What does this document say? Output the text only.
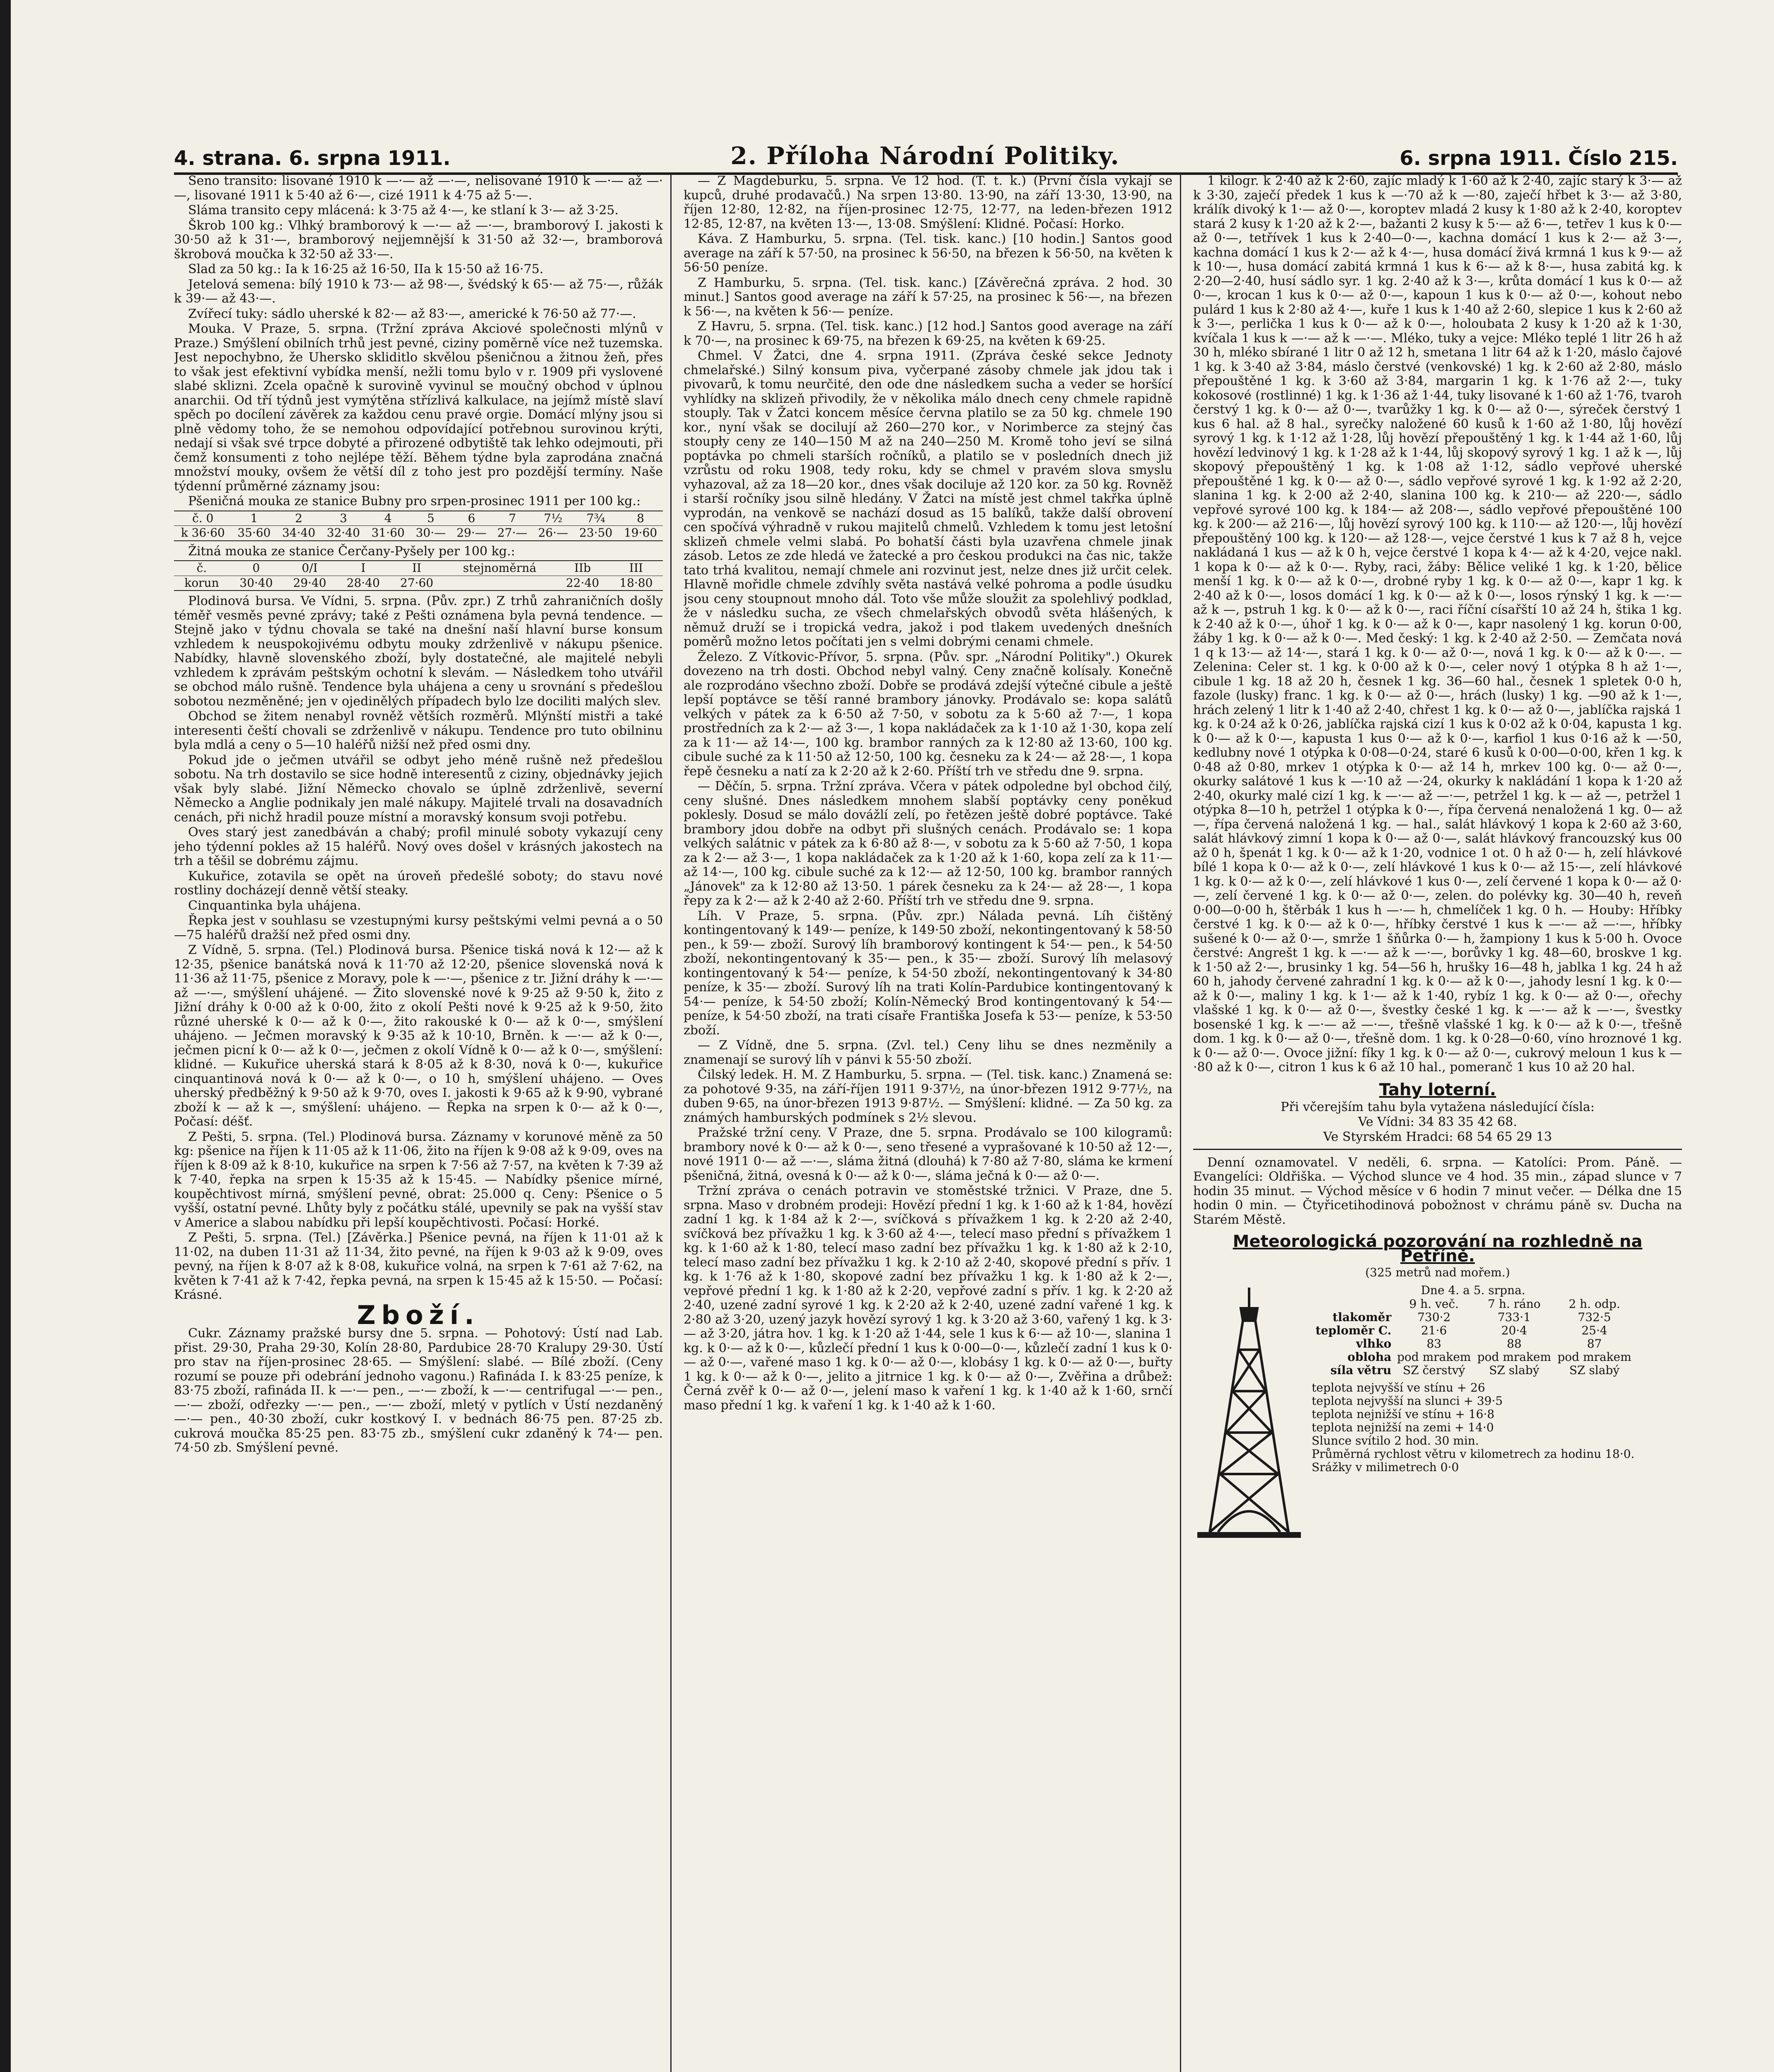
4. strana. 6. srpna 1911.	2. Příloha Národní Politiky.	6. srpna 1911. Číslo 215.

Seno transito: lisované 1910 k —·— až —·—, nelisované 1910 k —·— až —·—, lisované 1911 k 5·40 až 6·—, cizé 1911 k 4·75 až 5·—.

Sláma transito cepy mlácená: k 3·75 až 4·—, ke stlaní k 3·— až 3·25.

Škrob 100 kg.: Vlhký bramborový k —·— až —·—, bramborový I. jakosti k 30·50 až k 31·—, bramborový nejjemnější k 31·50 až 32·—, bramborová škrobová moučka k 32·50 až 33·—.

Slad za 50 kg.: Ia k 16·25 až 16·50, IIa k 15·50 až 16·75.

Jetelová semena: bílý 1910 k 73·— až 98·—, švédský k 65·— až 75·—, růžák k 39·— až 43·—.

Zvířecí tuky: sádlo uherské k 82·— až 83·—, americké k 76·50 až 77·—.

Mouka. V Praze, 5. srpna. (Tržní zpráva Akciové společnosti mlýnů v Praze.) Smýšlení obilních trhů jest pevné, ciziny poměrně více než tuzemska. Jest nepochybno, že Uhersko skliditlo skvělou pšeničnou a žitnou žeň, přes to však jest efektivní vybídka menší, nežli tomu bylo v r. 1909 při vyslovené slabé sklizni. Zcela opačně k surovině vyvinul se moučný obchod v úplnou anarchii. Od tří týdnů jest vymýtěna střízlivá kalkulace, na jejímž místě slaví spěch po docílení závěrek za každou cenu pravé orgie. Domácí mlýny jsou si plně vědomy toho, že se nemohou odpovídající potřebnou surovinou krýti, nedají si však své trpce dobyté a přirozené odbytiště tak lehko odejmouti, při čemž konsumenti z toho nejlépe těží. Během týdne byla zaprodána značná množství mouky, ovšem že větší díl z toho jest pro pozdější termíny. Naše týdenní průměrné záznamy jsou:

Pšeničná mouka ze stanice Bubny pro srpen-prosinec 1911 per 100 kg.:

č. 0	1	2	3	4	5	6	7	7½	7¾	8
k 36·60	35·60	34·40	32·40	31·60	30·—	29·—	27·—	26·—	23·50	19·60

Žitná mouka ze stanice Čerčany-Pyšely per 100 kg.:

č.	0	0/I	I	II	stejnoměrná	IIb	III
korun	30·40	29·40	28·40	27·60		22·40	18·80

Plodinová bursa. Ve Vídni, 5. srpna. (Pův. zpr.) Z trhů zahraničních došly téměř vesměs pevné zprávy; také z Pešti oznámena byla pevná tendence. — Stejně jako v týdnu chovala se také na dnešní naší hlavní burse konsum vzhledem k neuspokojivému odbytu mouky zdrženlivě v nákupu pšenice. Nabídky, hlavně slovenského zboží, byly dostatečné, ale majitelé nebyli vzhledem k zprávám peštským ochotní k slevám. — Následkem toho utvářil se obchod málo rušně. Tendence byla uhájena a ceny u srovnání s předešlou sobotou nezměněné; jen v ojedinělých případech bylo lze dociliti malých slev.

Obchod se žitem nenabyl rovněž větších rozměrů. Mlýnští mistři a také interesenti čeští chovali se zdrženlivě v nákupu. Tendence pro tuto obilninu byla mdlá a ceny o 5—10 haléřů nižší než před osmi dny.

Pokud jde o ječmen utvářil se odbyt jeho méně rušně než předešlou sobotu. Na trh dostavilo se sice hodně interesentů z ciziny, objednávky jejich však byly slabé. Jižní Německo chovalo se úplně zdrženlivě, severní Německo a Anglie podnikaly jen malé nákupy. Majitelé trvali na dosavadních cenách, při nichž hradil pouze místní a moravský konsum svoji potřebu.

Oves starý jest zanedbáván a chabý; profil minulé soboty vykazují ceny jeho týdenní pokles až 15 haléřů. Nový oves došel v krásných jakostech na trh a těšil se dobrému zájmu.

Kukuřice, zotavila se opět na úroveň předešlé soboty; do stavu nové rostliny docházejí denně větší steaky.

Cinquantinka byla uhájena.

Řepka jest v souhlasu se vzestupnými kursy peštskými velmi pevná a o 50—75 haléřů dražší než před osmi dny.

Z Vídně, 5. srpna. (Tel.) Plodinová bursa. Pšenice tiská nová k 12·— až k 12·35, pšenice banátská nová k 11·70 až 12·20, pšenice slovenská nová k 11·36 až 11·75, pšenice z Moravy, pole k —·—, pšenice z tr. Jižní dráhy k —·— až —·—, smýšlení uhájené. — Žito slovenské nové k 9·25 až 9·50 k, žito z Jižní dráhy k 0·00 až k 0·00, žito z okolí Pešti nové k 9·25 až k 9·50, žito různé uherské k 0·— až k 0·—, žito rakouské k 0·— až k 0·—, smýšlení uhájeno. — Ječmen moravský k 9·35 až k 10·10, Brněn. k —·— až k 0·—, ječmen picní k 0·— až k 0·—, ječmen z okolí Vídně k 0·— až k 0·—, smýšlení: klidné. — Kukuřice uherská stará k 8·05 až k 8·30, nová k 0·—, kukuřice cinquantinová nová k 0·— až k 0·—, o 10 h, smýšlení uhájeno. — Oves uherský předběžný k 9·50 až k 9·70, oves I. jakosti k 9·65 až k 9·90, vybrané zboží k — až k —, smýšlení: uhájeno. — Řepka na srpen k 0·— až k 0·—, Počasí: déšť.

Z Pešti, 5. srpna. (Tel.) Plodinová bursa. Záznamy v korunové měně za 50 kg: pšenice na říjen k 11·05 až k 11·06, žito na říjen k 9·08 až k 9·09, oves na říjen k 8·09 až k 8·10, kukuřice na srpen k 7·56 až 7·57, na květen k 7·39 až k 7·40, řepka na srpen k 15·35 až k 15·45. — Nabídky pšenice mírné, koupěchtivost mírná, smýšlení pevné, obrat: 25.000 q. Ceny: Pšenice o 5 vyšší, ostatní pevné. Lhůty byly z počátku stálé, upevnily se pak na vyšší stav v Americe a slabou nabídku při lepší koupěchtivosti. Počasí: Horké.

Z Pešti, 5. srpna. (Tel.) [Závěrka.] Pšenice pevná, na říjen k 11·01 až k 11·02, na duben 11·31 až 11·34, žito pevné, na říjen k 9·03 až k 9·09, oves pevný, na říjen k 8·07 až k 8·08, kukuřice volná, na srpen k 7·61 až 7·62, na květen k 7·41 až k 7·42, řepka pevná, na srpen k 15·45 až k 15·50. — Počasí: Krásné.

Zboží.

Cukr. Záznamy pražské bursy dne 5. srpna. — Pohotový: Ústí nad Lab. přist. 29·30, Praha 29·30, Kolín 28·80, Pardubice 28·70 Kralupy 29·30. Ústí pro stav na říjen-prosinec 28·65. — Smýšlení: slabé. — Bílé zboží. (Ceny rozumí se pouze při odebrání jednoho vagonu.) Rafináda I. k 83·25 peníze, k 83·75 zboží, rafináda II. k —·— pen., —·— zboží, k —·— centrifugal —·— pen., —·— zboží, odřezky —·— pen., —·— zboží, mletý v pytlích v Ústí nezdaněný —·— pen., 40·30 zboží, cukr kostkový I. v bednách 86·75 pen. 87·25 zb. cukrová moučka 85·25 pen. 83·75 zb., smýšlení cukr zdaněný k 74·— pen. 74·50 zb. Smýšlení pevné.

— Z Magdeburku, 5. srpna. Ve 12 hod. (T. t. k.) (První čísla vykají se kupců, druhé prodavačů.) Na srpen 13·80. 13·90, na září 13·30, 13·90, na říjen 12·80, 12·82, na říjen-prosinec 12·75, 12·77, na leden-březen 1912 12·85, 12·87, na květen 13·—, 13·08. Smýšlení: Klidné. Počasí: Horko.

Káva. Z Hamburku, 5. srpna. (Tel. tisk. kanc.) [10 hodin.] Santos good average na září k 57·50, na prosinec k 56·50, na březen k 56·50, na květen k 56·50 peníze.

Z Hamburku, 5. srpna. (Tel. tisk. kanc.) [Závěrečná zpráva. 2 hod. 30 minut.] Santos good average na září k 57·25, na prosinec k 56·—, na březen k 56·—, na květen k 56·— peníze.

Z Havru, 5. srpna. (Tel. tisk. kanc.) [12 hod.] Santos good average na září k 70·—, na prosinec k 69·75, na březen k 69·25, na květen k 69·25.

Chmel. V Žatci, dne 4. srpna 1911. (Zpráva české sekce Jednoty chmelařské.) Silný konsum piva, vyčerpané zásoby chmele jak jdou tak i pivovarů, k tomu neurčité, den ode dne následkem sucha a veder se horšící vyhlídky na sklizeň přivodily, že v několika málo dnech ceny chmele rapidně stouply. Tak v Žatci koncem měsíce června platilo se za 50 kg. chmele 190 kor., nyní však se docilují až 260—270 kor., v Norimberce za stejný čas stoupły ceny ze 140—150 M až na 240—250 M. Kromě toho jeví se silná poptávka po chmeli starších ročníků, a platilo se v posledních dnech již vzrůstu od roku 1908, tedy roku, kdy se chmel v pravém slova smyslu vyhazoval, až za 18—20 kor., dnes však dociluje až 120 kor. za 50 kg. Rovněž i starší ročníky jsou silně hledány. V Žatci na místě jest chmel takřka úplně vyprodán, na venkově se nachází dosud as 15 balíků, takže další obrovení cen spočívá výhradně v rukou majitelů chmelů. Vzhledem k tomu jest letošní sklizeň chmele velmi slabá. Po bohatší části byla uzavřena chmele jinak zásob. Letos ze zde hledá ve žatecké a pro českou produkci na čas nic, takže tato trhá kvalitou, nemají chmele ani rozvinut jest, nelze dnes již určit celek. Hlavně mořidle chmele zdvíhly světa nastává velké pohroma a podle úsudku jsou ceny stoupnout mnoho dál. Toto vše může sloužit za spolehlivý podklad, že v následku sucha, ze všech chmelařských obvodů světa hlášených, k němuž druží se i tropická vedra, jakož i pod tlakem uvedených dnešních poměrů možno letos počítati jen s velmi dobrými cenami chmele.

Železo. Z Vítkovic-Přívor, 5. srpna. (Pův. spr. „Národní Politiky".) Okurek dovezeno na trh dosti. Obchod nebyl valný. Ceny značně kolísaly. Konečně ale rozprodáno všechno zboží. Dobře se prodává zdejší výtečné cibule a ještě lepší poptávce se těší ranné brambory jánovky. Prodávalo se: kopa salátů velkých v pátek za k 6·50 až 7·50, v sobotu za k 5·60 až 7·—, 1 kopa prostředních za k 2·— až 3·—, 1 kopa nakládaček za k 1·10 až 1·30, kopa zelí za k 11·— až 14·—, 100 kg. brambor ranných za k 12·80 až 13·60, 100 kg. cibule suché za k 11·50 až 12·50, 100 kg. česneku za k 24·— až 28·—, 1 kopa řepě česneku a natí za k 2·20 až k 2·60. Příští trh ve středu dne 9. srpna.

— Děčín, 5. srpna. Tržní zpráva. Včera v pátek odpoledne byl obchod čilý, ceny slušné. Dnes následkem mnohem slabší poptávky ceny poněkud poklesly. Dosud se málo dovážlí zelí, po řetězen ještě dobré poptávce. Také brambory jdou dobře na odbyt při slušných cenách. Prodávalo se: 1 kopa velkých salátnic v pátek za k 6·80 až 8·—, v sobotu za k 5·60 až 7·50, 1 kopa za k 2·— až 3·—, 1 kopa nakládaček za k 1·20 až k 1·60, kopa zelí za k 11·— až 14·—, 100 kg. cibule suché za k 12·— až 12·50, 100 kg. brambor ranných „Jánovek" za k 12·80 až 13·50. 1 párek česneku za k 24·— až 28·—, 1 kopa řepy za k 2·— až k 2·40 až 2·60. Příští trh ve středu dne 9. srpna.

Líh. V Praze, 5. srpna. (Pův. zpr.) Nálada pevná. Líh čištěný kontingentovaný k 149·— peníze, k 149·50 zboží, nekontingentovaný k 58·50 pen., k 59·— zboží. Surový líh bramborový kontingent k 54·— pen., k 54·50 zboží, nekontingentovaný k 35·— pen., k 35·— zboží. Surový líh melasový kontingentovaný k 54·— peníze, k 54·50 zboží, nekontingentovaný k 34·80 peníze, k 35·— zboží. Surový líh na trati Kolín-Pardubice kontingentovaný k 54·— peníze, k 54·50 zboží; Kolín-Německý Brod kontingentovaný k 54·— peníze, k 54·50 zboží, na trati císaře Františka Josefa k 53·— peníze, k 53·50 zboží.

— Z Vídně, dne 5. srpna. (Zvl. tel.) Ceny lihu se dnes nezměnily a znamenají se surový líh v pánvi k 55·50 zboží.

Čilský ledek. H. M. Z Hamburku, 5. srpna. — (Tel. tisk. kanc.) Znamená se: za pohotové 9·35, na září-říjen 1911 9·37½, na únor-březen 1912 9·77½, na duben 9·65, na únor-březen 1913 9·87½. — Smýšlení: klidné. — Za 50 kg. za známých hamburských podmínek s 2½ slevou.

Pražské tržní ceny. V Praze, dne 5. srpna. Prodávalo se 100 kilogramů: brambory nové k 0·— až k 0·—, seno třesené a vyprašované k 10·50 až 12·—, nové 1911 0·— až —·—, sláma žitná (dlouhá) k 7·80 až 7·80, sláma ke krmení pšeničná, žitná, ovesná k 0·— až k 0·—, sláma ječná k 0·— až 0·—.

Tržní zpráva o cenách potravin ve stoměstské tržnici. V Praze, dne 5. srpna. Maso v drobném prodeji: Hovězí přední 1 kg. k 1·60 až k 1·84, hovězí zadní 1 kg. k 1·84 až k 2·—, svíčková s přívažkem 1 kg. k 2·20 až 2·40, svíčková bez přívažku 1 kg. k 3·60 až 4·—, telecí maso přední s přívažkem 1 kg. k 1·60 až k 1·80, telecí maso zadní bez přívažku 1 kg. k 1·80 až k 2·10, telecí maso zadní bez přívažku 1 kg. k 2·10 až 2·40, skopové přední s přív. 1 kg. k 1·76 až k 1·80, skopové zadní bez přívažku 1 kg. k 1·80 až k 2·—, vepřové přední 1 kg. k 1·80 až k 2·20, vepřové zadní s přív. 1 kg. k 2·20 až 2·40, uzené zadní syrové 1 kg. k 2·20 až k 2·40, uzené zadní vařené 1 kg. k 2·80 až 3·20, uzený jazyk hovězí syrový 1 kg. k 3·20 až 3·60, vařený 1 kg. k 3·— až 3·20, játra hov. 1 kg. k 1·20 až 1·44, sele 1 kus k 6·— až 10·—, slanina 1 kg. k 0·— až k 0·—, kůzlečí přední 1 kus k 0·00—0·—, kůzlečí zadní 1 kus k 0·— až 0·—, vařené maso 1 kg. k 0·— až 0·—, klobásy 1 kg. k 0·— až 0·—, buřty 1 kg. k 0·— až k 0·—, jelito a jitrnice 1 kg. k 0·— až 0·—, Zvěřina a drůbež: Černá zvěř k 0·— až 0·—, jelení maso k vaření 1 kg. k 1·40 až k 1·60, srnčí maso přední 1 kg. k vaření 1 kg. k 1·40 až k 1·60.

1 kilogr. k 2·40 až k 2·60, zajíc mladý k 1·60 až k 2·40, zajíc starý k 3·— až k 3·30, zaječí předek 1 kus k —·70 až k —·80, zaječí hřbet k 3·— až 3·80, králík divoký k 1·— až 0·—, koroptev mladá 2 kusy k 1·80 až k 2·40, koroptev stará 2 kusy k 1·20 až k 2·—, bažanti 2 kusy k 5·— až 6·—, tetřev 1 kus k 0·— až 0·—, tetřívek 1 kus k 2·40—0·—, kachna domácí 1 kus k 2·— až 3·—, kachna domácí 1 kus k 2·— až k 4·—, husa domácí živá krmná 1 kus k 9·— až k 10·—, husa domácí zabitá krmná 1 kus k 6·— až k 8·—, husa zabitá kg. k 2·20—2·40, husí sádlo syr. 1 kg. 2·40 až k 3·—, krůta domácí 1 kus k 0·— až 0·—, krocan 1 kus k 0·— až 0·—, kapoun 1 kus k 0·— až 0·—, kohout nebo pulárd 1 kus k 2·80 až 4·—, kuře 1 kus k 1·40 až 2·60, slepice 1 kus k 2·60 až k 3·—, perlička 1 kus k 0·— až k 0·—, holoubata 2 kusy k 1·20 až k 1·30, kvíčala 1 kus k —·— až k —·—. Mléko, tuky a vejce: Mléko teplé 1 litr 26 h až 30 h, mléko sbírané 1 litr 0 až 12 h, smetana 1 litr 64 až k 1·20, máslo čajové 1 kg. k 3·40 až 3·84, máslo čerstvé (venkovské) 1 kg. k 2·60 až 2·80, máslo přepouštěné 1 kg. k 3·60 až 3·84, margarin 1 kg. k 1·76 až 2·—, tuky kokosové (rostlinné) 1 kg. k 1·36 až 1·44, tuky lisované k 1·60 až 1·76, tvaroh čerstvý 1 kg. k 0·— až 0·—, tvarůžky 1 kg. k 0·— až 0·—, sýreček čerstvý 1 kus 6 hal. až 8 hal., syrečky naložené 60 kusů k 1·60 až 1·80, lůj hovězí syrový 1 kg. k 1·12 až 1·28, lůj hovězí přepouštěný 1 kg. k 1·44 až 1·60, lůj hovězí ledvinový 1 kg. k 1·28 až k 1·44, lůj skopový syrový 1 kg. 1 až k —, lůj skopový přepouštěný 1 kg. k 1·08 až 1·12, sádlo vepřové uherské přepouštěné 1 kg. k 0·— až 0·—, sádlo vepřové syrové 1 kg. k 1·92 až 2·20, slanina 1 kg. k 2·00 až 2·40, slanina 100 kg. k 210·— až 220·—, sádlo vepřové syrové 100 kg. k 184·— až 208·—, sádlo vepřové přepouštěné 100 kg. k 200·— až 216·—, lůj hovězí syrový 100 kg. k 110·— až 120·—, lůj hovězí přepouštěný 100 kg. k 120·— až 128·—, vejce čerstvé 1 kus k 7 až 8 h, vejce nakládaná 1 kus — až k 0 h, vejce čerstvé 1 kopa k 4·— až k 4·20, vejce nakl. 1 kopa k 0·— až k 0·—. Ryby, raci, žáby: Bělice veliké 1 kg. k 1·20, bělice menší 1 kg. k 0·— až k 0·—, drobné ryby 1 kg. k 0·— až 0·—, kapr 1 kg. k 2·40 až k 0·—, losos domácí 1 kg. k 0·— až k 0·—, losos rýnský 1 kg. k —·— až k —, pstruh 1 kg. k 0·— až k 0·—, raci říční císařští 10 až 24 h, štika 1 kg. k 2·40 až k 0·—, úhoř 1 kg. k 0·— až k 0·—, kapr nasolený 1 kg. korun 0·00, žáby 1 kg. k 0·— až k 0·—. Med český: 1 kg. k 2·40 až 2·50. — Zemčata nová 1 q k 13·— až 14·—, stará 1 kg. k 0·— až 0·—, nová 1 kg. k 0·— až k 0·—. — Zelenina: Celer st. 1 kg. k 0·00 až k 0·—, celer nový 1 otýpka 8 h až 1·—, cibule 1 kg. 18 až 20 h, česnek 1 kg. 36—60 hal., česnek 1 spletek 0·0 h, fazole (lusky) franc. 1 kg. k 0·— až 0·—, hrách (lusky) 1 kg. —90 až k 1·—, hrách zelený 1 litr k 1·40 až 2·40, chřest 1 kg. k 0·— až 0·—, jablíčka rajská 1 kg. k 0·24 až k 0·26, jablíčka rajská cizí 1 kus k 0·02 až k 0·04, kapusta 1 kg. k 0·— až k 0·—, kapusta 1 kus 0·— až k 0·—, karfiol 1 kus 0·16 až k —·50, kedlubny nové 1 otýpka k 0·08—0·24, staré 6 kusů k 0·00—0·00, křen 1 kg. k 0·48 až 0·80, mrkev 1 otýpka k 0·— až 14 h, mrkev 100 kg. 0·— až 0·—, okurky salátové 1 kus k —·10 až —·24, okurky k nakládání 1 kopa k 1·20 až 2·40, okurky malé cizí 1 kg. k —·— až —·—, petržel 1 kg. k — až —, petržel 1 otýpka 8—10 h, petržel 1 otýpka k 0·—, řípa červená nenaložená 1 kg. 0— až —, řípa červená naložená 1 kg. — hal., salát hlávkový 1 kopa k 2·60 až 3·60, salát hlávkový zimní 1 kopa k 0·— až 0·—, salát hlávkový francouzský kus 00 až 0 h, špenát 1 kg. k 0·— až k 1·20, vodnice 1 ot. 0 h až 0·— h, zelí hlávkové bílé 1 kopa k 0·— až k 0·—, zelí hlávkové 1 kus k 0·— až 15·—, zelí hlávkové 1 kg. k 0·— až k 0·—, zelí hlávkové 1 kus 0·—, zelí červené 1 kopa k 0·— až 0·—, zelí červené 1 kg. k 0·— až 0·—, zelen. do polévky kg. 30—40 h, reveň 0·00—0·00 h, štěrbák 1 kus h —·— h, chmelíček 1 kg. 0 h. — Houby: Hříbky čerstvé 1 kg. k 0·— až k 0·—, hříbky čerstvé 1 kus k —·— až —·—, hříbky sušené k 0·— až 0·—, smrže 1 šňůrka 0·— h, žampiony 1 kus k 5·00 h. Ovoce čerstvé: Angrešt 1 kg. k —·— až k —·—, borůvky 1 kg. 48—60, broskve 1 kg. k 1·50 až 2·—, brusinky 1 kg. 54—56 h, hrušky 16—48 h, jablka 1 kg. 24 h až 60 h, jahody červené zahradní 1 kg. k 0·— až k 0·—, jahody lesní 1 kg. k 0·— až k 0·—, maliny 1 kg. k 1·— až k 1·40, rybíz 1 kg. k 0·— až 0·—, ořechy vlašské 1 kg. k 0·— až 0·—, švestky české 1 kg. k —·— až k —·—, švestky bosenské 1 kg. k —·— až —·—, třešně vlašské 1 kg. k 0·— až k 0·—, třešně dom. 1 kg. k 0·— až 0·—, třešně dom. 1 kg. k 0·28—0·60, víno hroznové 1 kg. k 0·— až 0·—. Ovoce jižní: fíky 1 kg. k 0·— až 0·—, cukrový meloun 1 kus k —·80 až k 0·—, citron 1 kus k 6 až 10 hal., pomeranč 1 kus 10 až 20 hal.

Tahy loterní.
Při včerejším tahu byla vytažena následující čísla:
Ve Vídni: 34 83 35 42 68.
Ve Styrském Hradci: 68 54 65 29 13

Denní oznamovatel. V neděli, 6. srpna. — Katolíci: Prom. Páně. — Evangelíci: Oldřiška. — Východ slunce ve 4 hod. 35 min., západ slunce v 7 hodin 35 minut. — Východ měsíce v 6 hodin 7 minut večer. — Délka dne 15 hodin 0 min. — Čtyřicetihodinová pobožnost v chrámu páně sv. Ducha na Starém Městě.

Meteorologická pozorování na rozhledně na Petříně.
(325 metrů nad mořem.)
Dne 4. a 5. srpna.
	9 h. več.	7 h. ráno	2 h. odp.
tlakoměr	730·2	733·1	732·5
teploměr C.	21·6	20·4	25·4
vlhko	83	88	87
obloha	pod mrakem	pod mrakem	pod mrakem
síla větru	SZ čerstvý	SZ slabý	SZ slabý
teplota nejvyšší ve stínu + 26
teplota nejvyšší na slunci + 39·5
teplota nejnižší ve stínu + 16·8
teplota nejnižší na zemi + 14·0
Slunce svítilo 2 hod. 30 min.
Průměrná rychlost větru v kilometrech za hodinu 18·0.
Srážky v milimetrech 0·0
